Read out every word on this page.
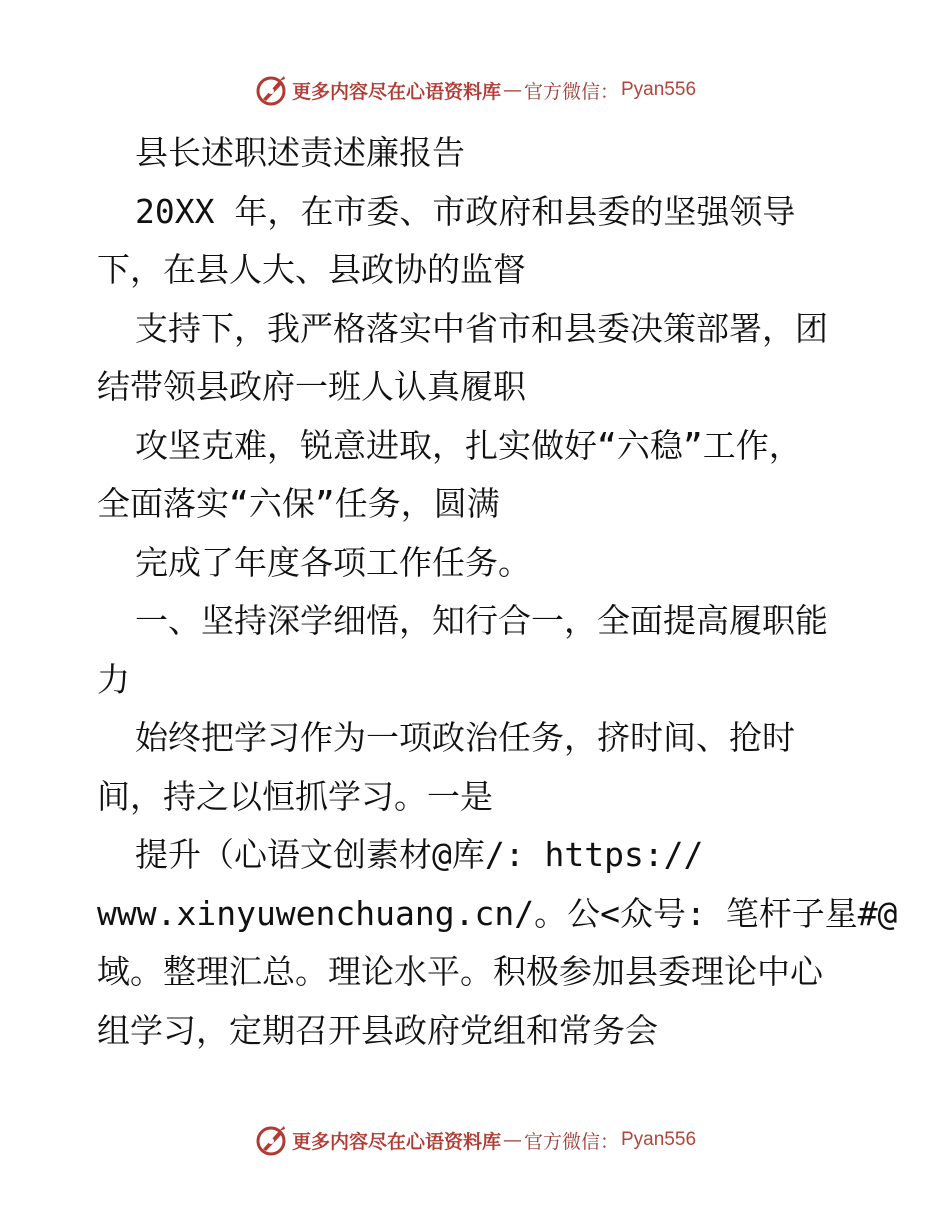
更多内容尽在心语资料库 — 官方微信： Pyan556
县长述职述责述廉报告
20XX 年，在市委、市政府和县委的坚强领导
下，在县人大、县政协的监督
支持下，我严格落实中省市和县委决策部署，团
结带领县政府一班人认真履职
攻坚克难，锐意进取，扎实做好“六稳”工作，
全面落实“六保”任务，圆满
完成了年度各项工作任务。
一、坚持深学细悟，知行合一，全面提高履职能
力
始终把学习作为一项政治任务，挤时间、抢时
间，持之以恒抓学习。一是
提升（心语文创素材@库/: https://
www.xinyuwenchuang.cn/。公<众号: 笔杆子星#@
域。整理汇总。理论水平。积极参加县委理论中心
组学习，定期召开县政府党组和常务会
更多内容尽在心语资料库 — 官方微信： Pyan556
